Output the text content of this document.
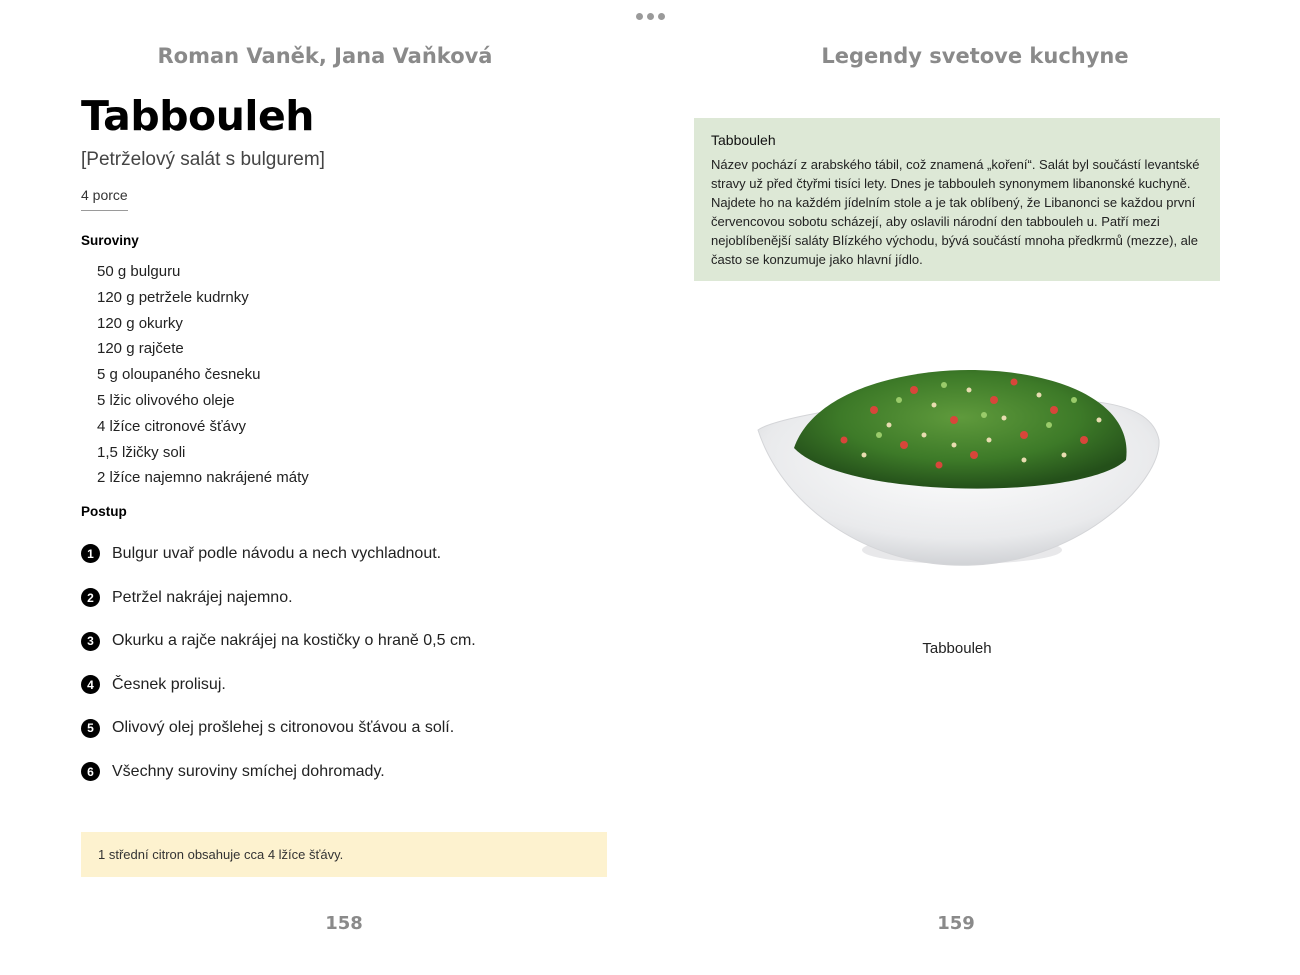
Roman Vaněk, Jana Vaňková	Legendy svetove kuchyne
Tabbouleh
[Petrželový salát s bulgurem]
4 porce
Suroviny
50 g bulguru
120 g petržele kudrnky
120 g okurky
120 g rajčete
5 g oloupaného česneku
5 lžic olivového oleje
4 lžíce citronové šťávy
1,5 lžičky soli
2 lžíce najemno nakrájené máty
Postup
1	Bulgur uvař podle návodu a nech vychladnout.
2	Petržel nakrájej najemno.
3	Okurku a rajče nakrájej na kostičky o hraně 0,5 cm.
4	Česnek prolisuj.
5	Olivový olej prošlehej s citronovou šťávou a solí.
6	Všechny suroviny smíchej dohromady.
1 střední citron obsahuje cca 4 lžíce šťávy.
Tabbouleh
Název pochází z arabského tábil, což znamená „koření“. Salát byl součástí levantské stravy už před čtyřmi tisíci lety. Dnes je tabbouleh synonymem libanonské kuchyně. Najdete ho na každém jídelním stole a je tak oblíbený, že Libanonci se každou první červencovou sobotu scházejí, aby oslavili národní den tabbouleh u. Patří mezi nejoblíbenější saláty Blízkého východu, bývá součástí mnoha předkrmů (mezze), ale často se konzumuje jako hlavní jídlo.
Tabbouleh
158	159
